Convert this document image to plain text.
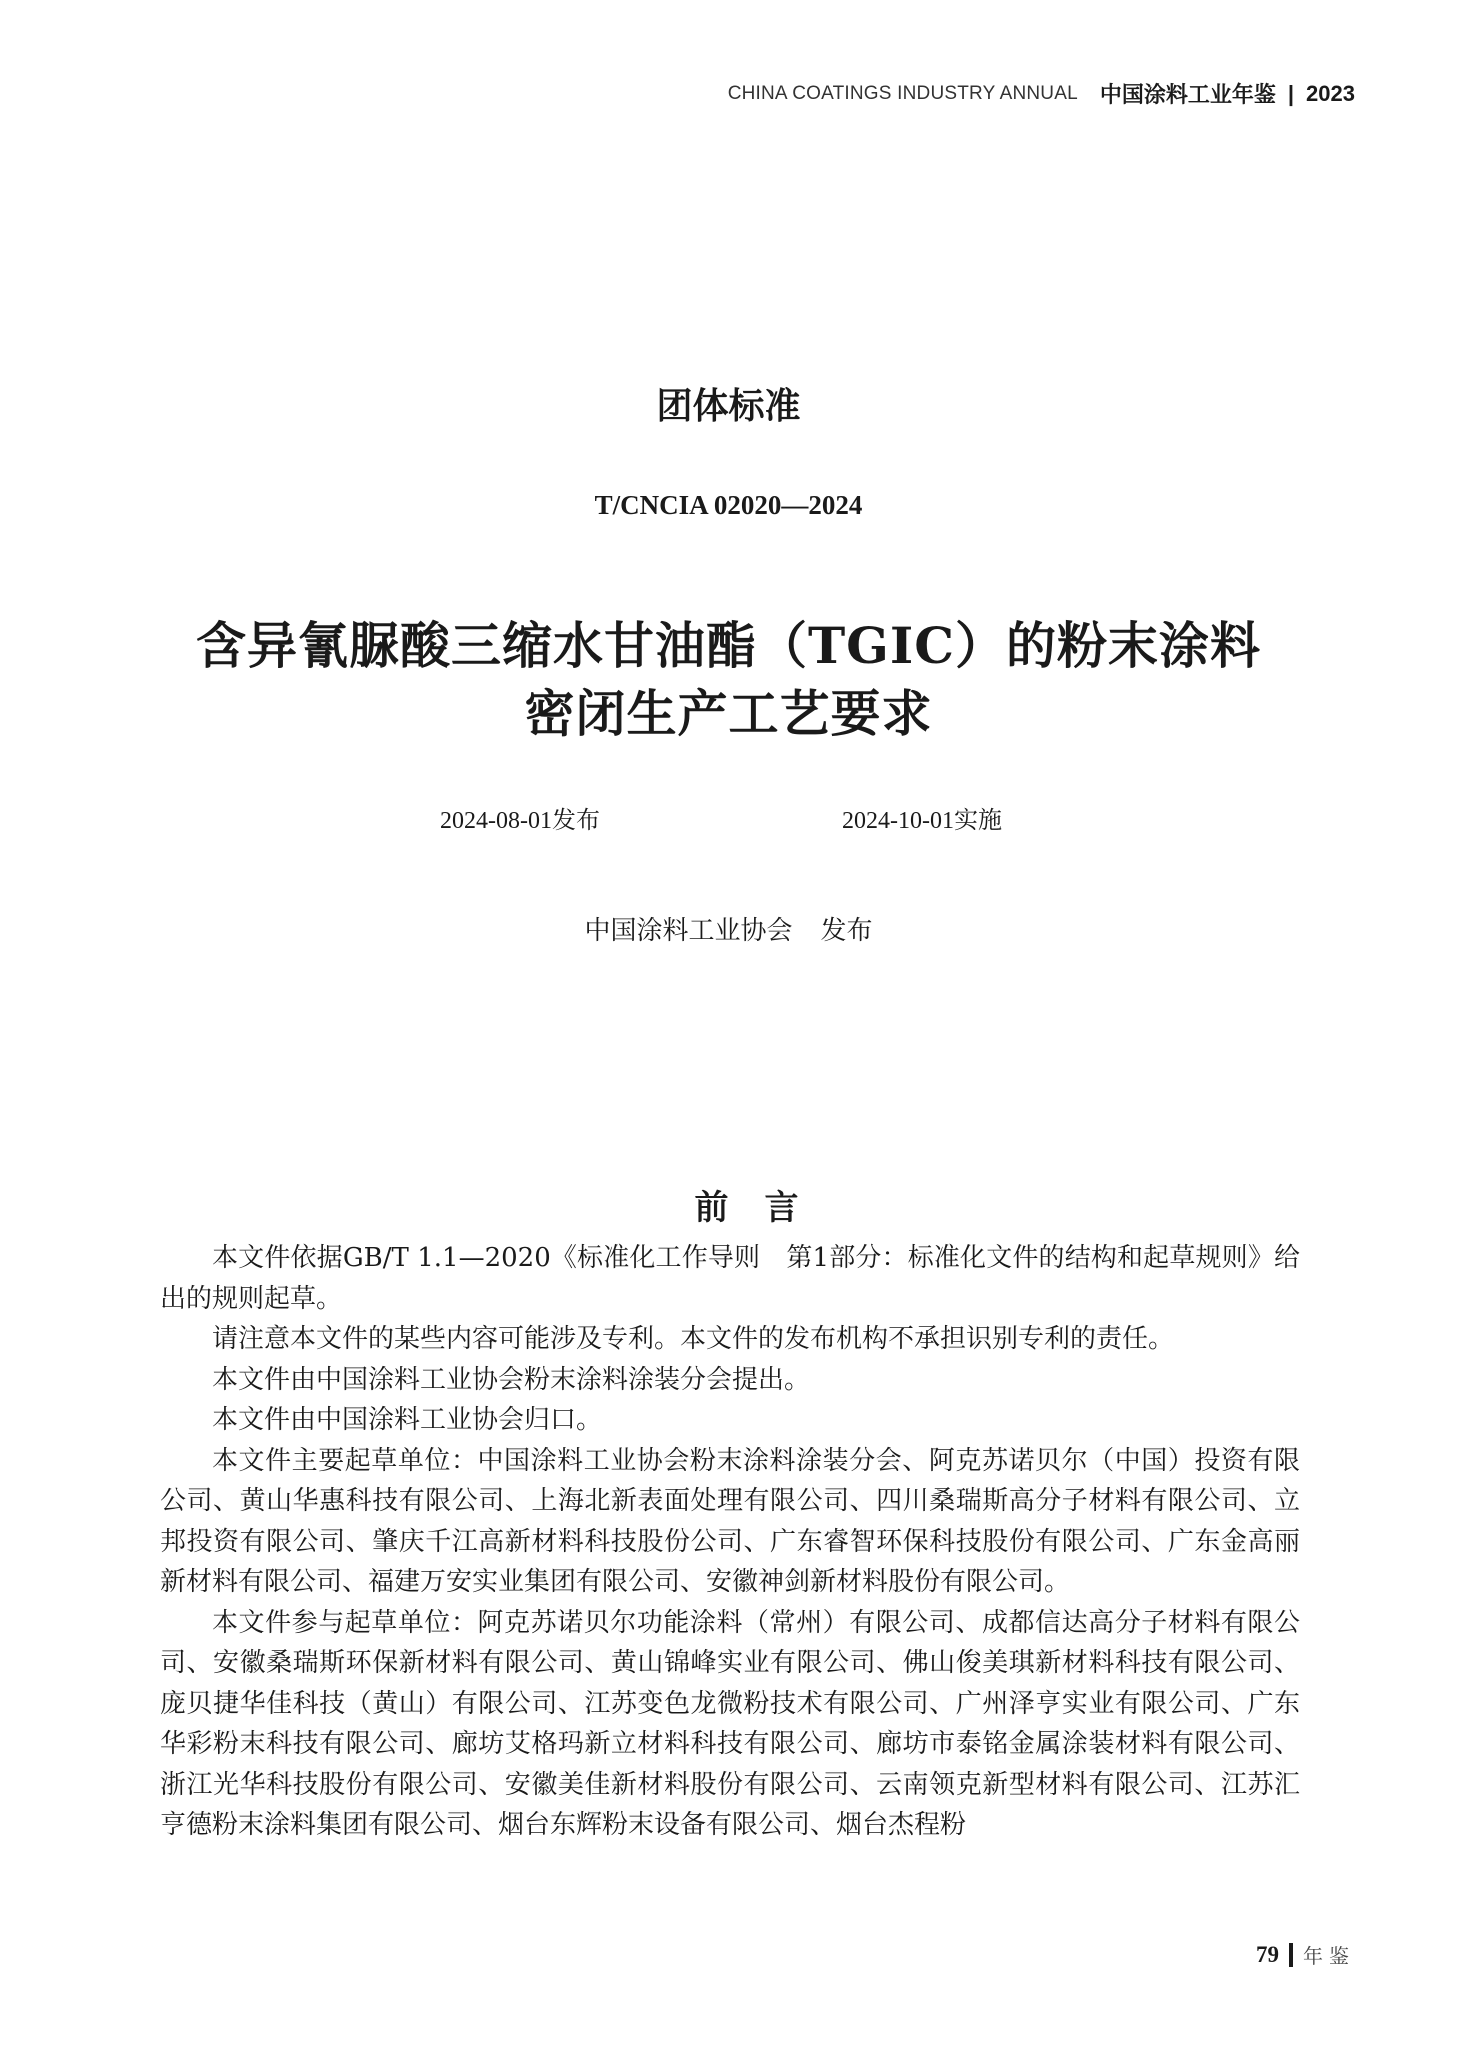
CHINA COATINGS INDUSTRY ANNUAL 中国涂料工业年鉴 | 2023
团体标准
T/CNCIA 02020—2024
含异氰脲酸三缩水甘油酯（TGIC）的粉末涂料
密闭生产工艺要求
2024-08-01发布	2024-10-01实施
中国涂料工业协会 发布
前言

本文件依据GB/T 1.1—2020《标准化工作导则　第1部分：标准化文件的结构和起草规则》给出的规则起草。

请注意本文件的某些内容可能涉及专利。本文件的发布机构不承担识别专利的责任。

本文件由中国涂料工业协会粉末涂料涂装分会提出。

本文件由中国涂料工业协会归口。

本文件主要起草单位：中国涂料工业协会粉末涂料涂装分会、阿克苏诺贝尔（中国）投资有限公司、黄山华惠科技有限公司、上海北新表面处理有限公司、四川桑瑞斯高分子材料有限公司、立邦投资有限公司、肇庆千江高新材料科技股份公司、广东睿智环保科技股份有限公司、广东金高丽新材料有限公司、福建万安实业集团有限公司、安徽神剑新材料股份有限公司。

本文件参与起草单位：阿克苏诺贝尔功能涂料（常州）有限公司、成都信达高分子材料有限公司、安徽桑瑞斯环保新材料有限公司、黄山锦峰实业有限公司、佛山俊美琪新材料科技有限公司、庞贝捷华佳科技（黄山）有限公司、江苏变色龙微粉技术有限公司、广州泽亨实业有限公司、广东华彩粉末科技有限公司、廊坊艾格玛新立材料科技有限公司、廊坊市泰铭金属涂装材料有限公司、浙江光华科技股份有限公司、安徽美佳新材料股份有限公司、云南领克新型材料有限公司、江苏汇亨德粉末涂料集团有限公司、烟台东辉粉末设备有限公司、烟台杰程粉

79 年鉴
